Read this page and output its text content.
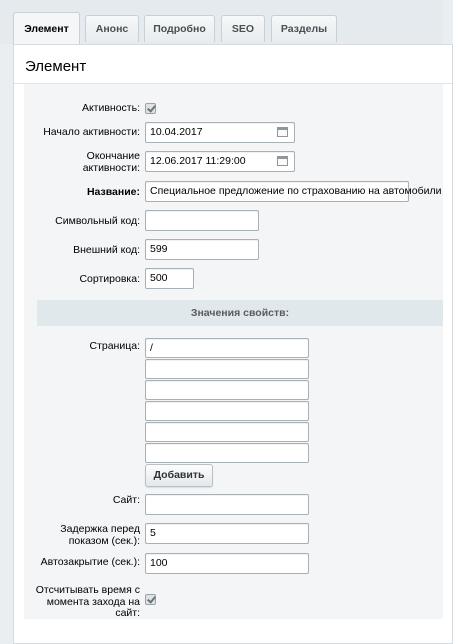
Элемент	Анонс	Подробно	SEO	Разделы
Элемент
Активность:
Начало активности: 10.04.2017
Окончание
активности:
12.06.2017 11:29:00
Название: Специальное предложение по страхованию на автомобили
Символьный код:
Внешний код: 599
Сортировка: 500
Значения свойств:
Страница: /
Добавить
Сайт:
Задержка перед
показом (сек.):
5
Автозакрытие (сек.): 100
Отсчитывать время с
момента захода на
сайт:
